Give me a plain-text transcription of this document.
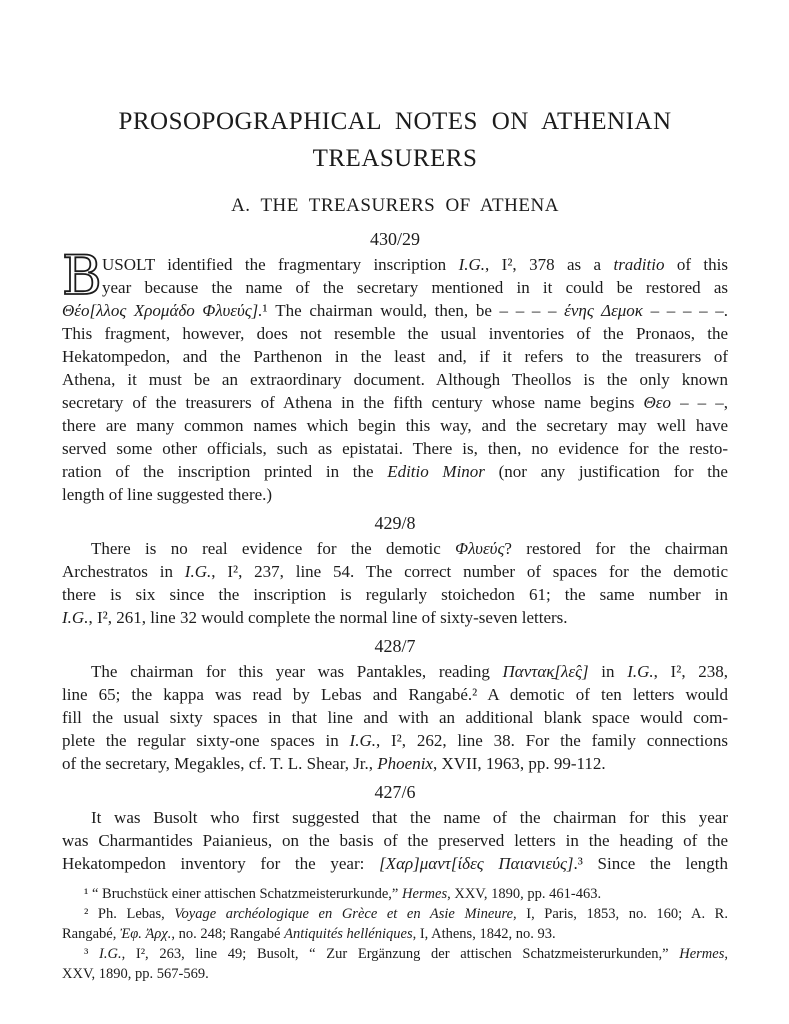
PROSOPOGRAPHICAL NOTES ON ATHENIAN
TREASURERS
A. THE TREASURERS OF ATHENA
430/29
B USOLT identified the fragmentary inscription I.G., I², 378 as a traditio of this
year because the name of the secretary mentioned in it could be restored as
Θέο[λλος Χρομάδο Φλυεύς].¹ The chairman would, then, be – – – – ένης Δεμοκ – – – – –.
This fragment, however, does not resemble the usual inventories of the Pronaos, the
Hekatompedon, and the Parthenon in the least and, if it refers to the treasurers of
Athena, it must be an extraordinary document. Although Theollos is the only known
secretary of the treasurers of Athena in the fifth century whose name begins Θεο – – –,
there are many common names which begin this way, and the secretary may well have
served some other officials, such as epistatai. There is, then, no evidence for the resto-
ration of the inscription printed in the Editio Minor (nor any justification for the
length of line suggested there.)
429/8
There is no real evidence for the demotic Φλυεύς? restored for the chairman
Archestratos in I.G., I², 237, line 54. The correct number of spaces for the demotic
there is six since the inscription is regularly stoichedon 61; the same number in
I.G., I², 261, line 32 would complete the normal line of sixty-seven letters.
428/7
The chairman for this year was Pantakles, reading Παντακ̱[λε̂ς] in I.G., I², 238,
line 65; the kappa was read by Lebas and Rangabé.² A demotic of ten letters would
fill the usual sixty spaces in that line and with an additional blank space would com-
plete the regular sixty-one spaces in I.G., I², 262, line 38. For the family connections
of the secretary, Megakles, cf. T. L. Shear, Jr., Phoenix, XVII, 1963, pp. 99-112.
427/6
It was Busolt who first suggested that the name of the chairman for this year
was Charmantides Paianieus, on the basis of the preserved letters in the heading of the
Hekatompedon inventory for the year: [Χαρ]μαντ[ίδες Παιανιεύς].³ Since the length
¹ “ Bruchstück einer attischen Schatzmeisterurkunde,” Hermes, XXV, 1890, pp. 461-463.
² Ph. Lebas, Voyage archéologique en Grèce et en Asie Mineure, I, Paris, 1853, no. 160; A. R.
Rangabé, Ἐφ. Ἀρχ., no. 248; Rangabé Antiquités helléniques, I, Athens, 1842, no. 93.
³ I.G., I², 263, line 49; Busolt, “ Zur Ergänzung der attischen Schatzmeisterurkunden,” Hermes,
XXV, 1890, pp. 567-569.
